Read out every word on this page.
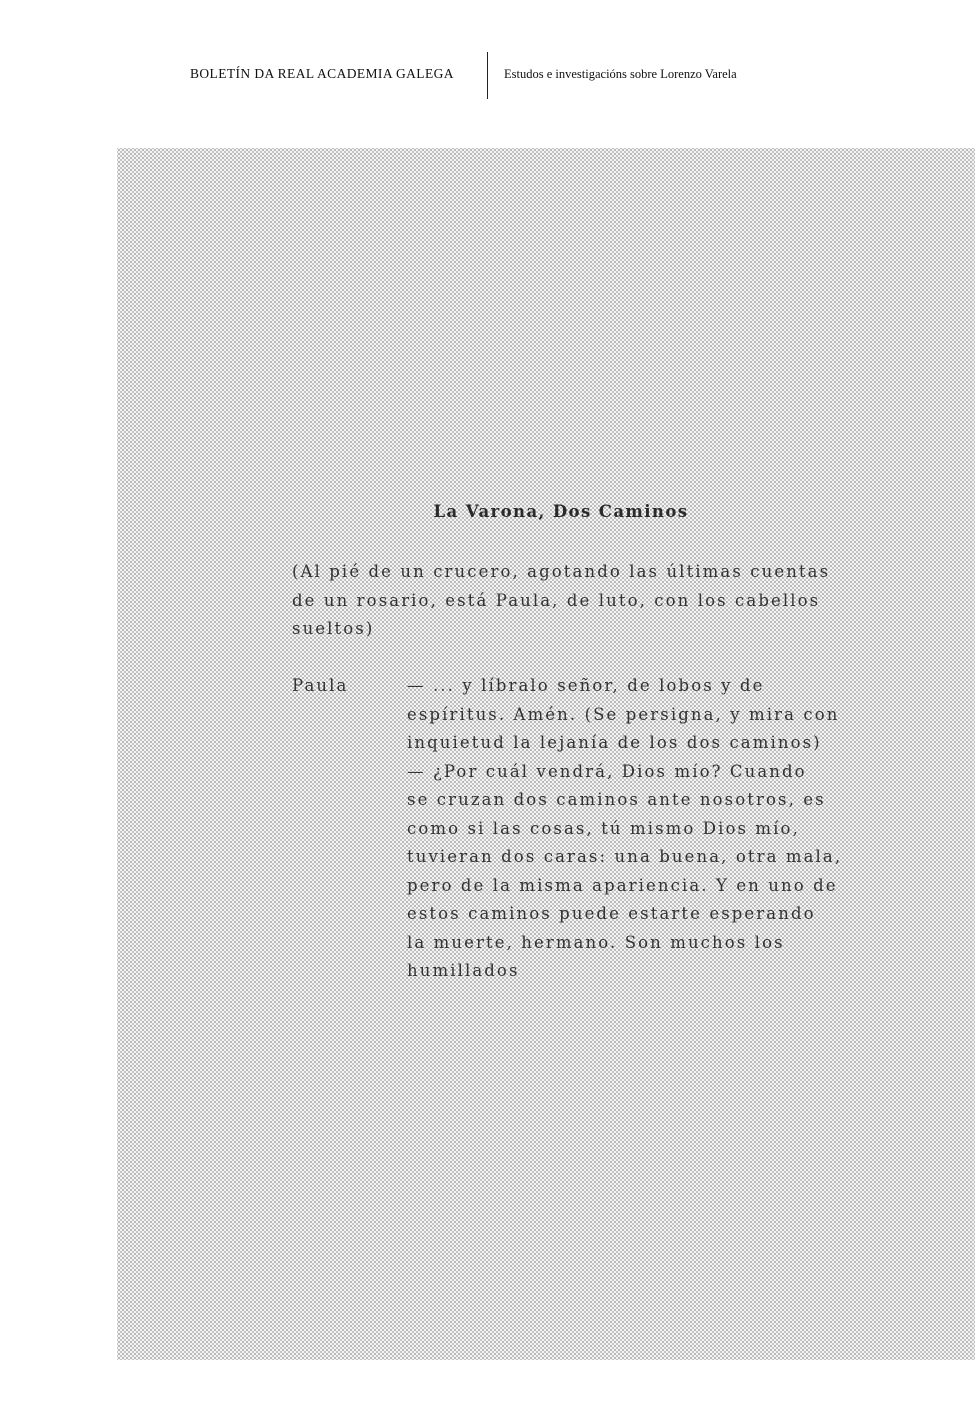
BOLETÍN DA REAL ACADEMIA GALEGA	Estudos e investigacións sobre Lorenzo Varela
La Varona, Dos Caminos
(Al pié de un crucero, agotando las últimas cuentas
de un rosario, está Paula, de luto, con los cabellos
sueltos)
Paula	— ... y líbralo señor, de lobos y de
espíritus. Amén. (Se persigna, y mira con
inquietud la lejanía de los dos caminos)
— ¿Por cuál vendrá, Dios mío? Cuando
se cruzan dos caminos ante nosotros, es
como si las cosas, tú mismo Dios mío,
tuvieran dos caras: una buena, otra mala,
pero de la misma apariencia. Y en uno de
estos caminos puede estarte esperando
la muerte, hermano. Son muchos los
humillados
